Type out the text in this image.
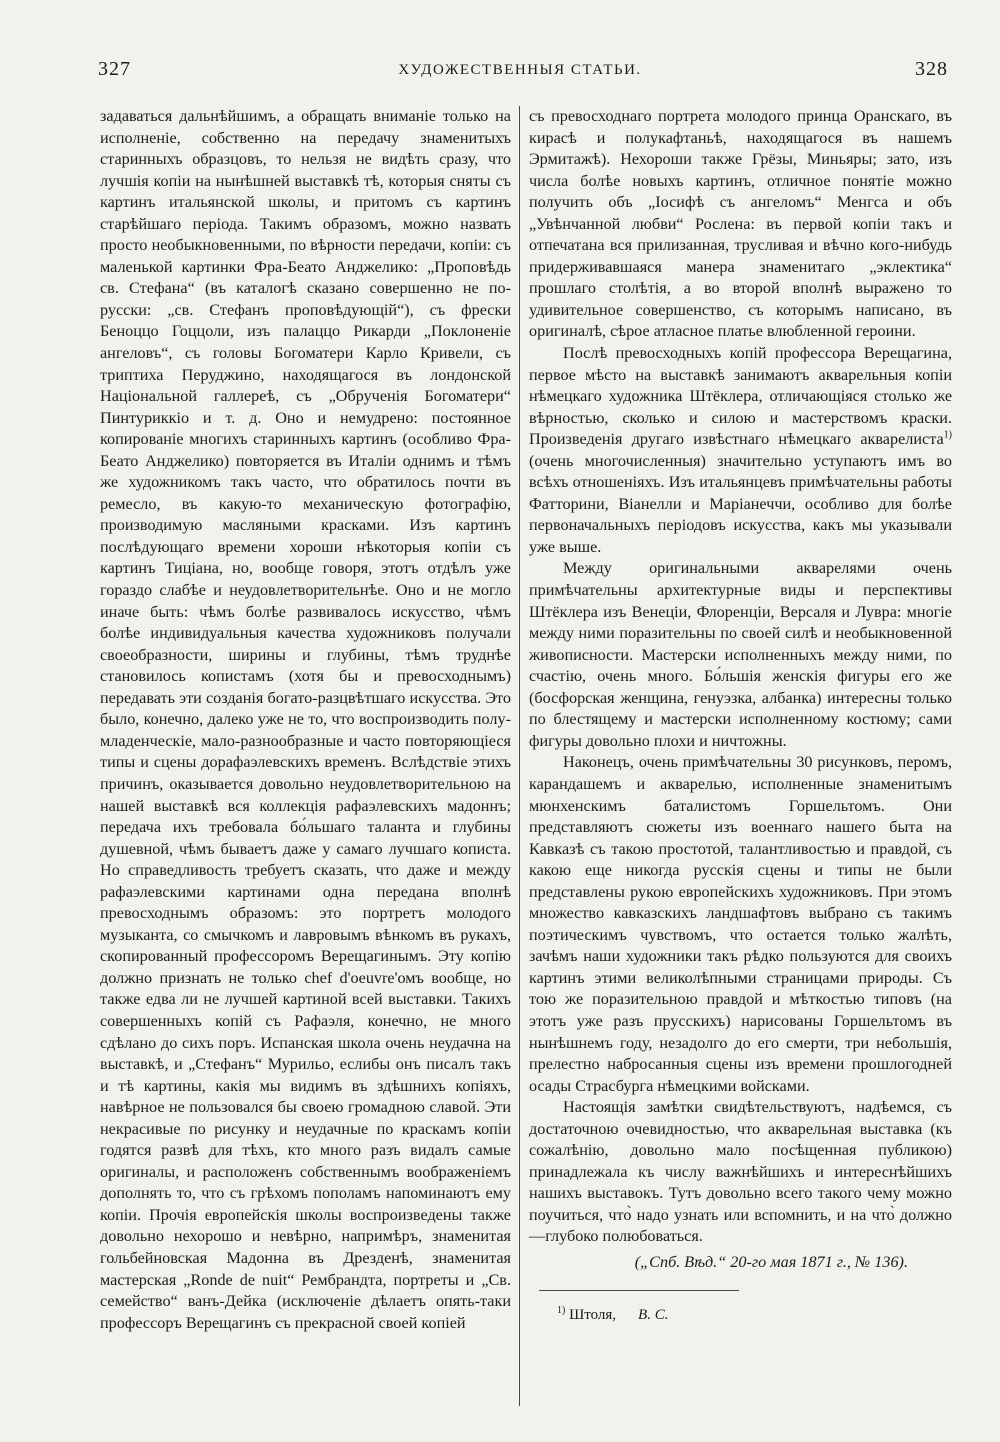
327	ХУДОЖЕСТВЕННЫЯ СТАТЬИ.	328

задаваться дальнѣйшимъ, а обращать вниманіе только на исполненіе, собственно на передачу знаменитыхъ старинныхъ образцовъ, то нельзя не видѣть сразу, что лучшія копіи на нынѣшней выставкѣ тѣ, которыя сняты съ картинъ итальянской школы, и притомъ съ картинъ старѣйшаго періода. Такимъ образомъ, можно назвать просто необыкновенными, по вѣрности передачи, копіи: съ маленькой картинки Фра-Беато Анджелико: „Проповѣдь св. Стефана“ (въ каталогѣ сказано совершенно не по-русски: „св. Стефанъ проповѣдующій“), съ фрески Беноццо Гоццоли, изъ палаццо Рикарди „Поклоненіе ангеловъ“, съ головы Богоматери Карло Кривели, съ триптиха Перуджино, находящагося въ лондонской Національной галлереѣ, съ „Обрученія Богоматери“ Пинтуриккіо и т. д. Оно и немудрено: постоянное копированіе многихъ старинныхъ картинъ (особливо Фра-Беато Анджелико) повторяется въ Италіи однимъ и тѣмъ же художникомъ такъ часто, что обратилось почти въ ремесло, въ какую-то механическую фотографію, производимую масляными красками. Изъ картинъ послѣдующаго времени хороши нѣкоторыя копіи съ картинъ Тиціана, но, вообще говоря, этотъ отдѣлъ уже гораздо слабѣе и неудовлетворительнѣе. Оно и не могло иначе быть: чѣмъ болѣе развивалось искусство, чѣмъ болѣе индивидуальныя качества художниковъ получали своеобразности, ширины и глубины, тѣмъ труднѣе становилось копистамъ (хотя бы и превосходнымъ) передавать эти созданія богато-разцвѣтшаго искусства. Это было, конечно, далеко уже не то, что воспроизводить полу-младенческіе, мало-разнообразные и часто повторяющіеся типы и сцены дорафаэлевскихъ временъ. Вслѣдствіе этихъ причинъ, оказывается довольно неудовлетворительною на нашей выставкѣ вся коллекція рафаэлевскихъ мадоннъ; передача ихъ требовала бо́льшаго таланта и глубины душевной, чѣмъ бываетъ даже у самаго лучшаго кописта. Но справедливость требуетъ сказать, что даже и между рафаэлевскими картинами одна передана вполнѣ превосходнымъ образомъ: это портретъ молодого музыканта, со смычкомъ и лавровымъ вѣнкомъ въ рукахъ, скопированный профессоромъ Верещагинымъ. Эту копію должно признать не только chef d'oeuvre'омъ вообще, но также едва ли не лучшей картиной всей выставки. Такихъ совершенныхъ копій съ Рафаэля, конечно, не много сдѣлано до сихъ поръ. Испанская школа очень неудачна на выставкѣ, и „Стефанъ“ Мурильо, еслибы онъ писалъ такъ и тѣ картины, какія мы видимъ въ здѣшнихъ копіяхъ, навѣрное не пользовался бы своею громадною славой. Эти некрасивые по рисунку и неудачные по краскамъ копіи годятся развѣ для тѣхъ, кто много разъ видалъ самые оригиналы, и расположенъ собственнымъ воображеніемъ дополнять то, что съ грѣхомъ пополамъ напоминаютъ ему копіи. Прочія европейскія школы воспроизведены также довольно нехорошо и невѣрно, напримѣръ, знаменитая гольбейновская Мадонна въ Дрезденѣ, знаменитая мастерская „Ronde de nuit“ Рембрандта, портреты и „Св. семейство“ ванъ-Дейка (исключеніе дѣлаетъ опять-таки профессоръ Верещагинъ съ прекрасной своей копіей

съ превосходнаго портрета молодого принца Оранскаго, въ кирасѣ и полукафтаньѣ, находящагося въ нашемъ Эрмитажѣ). Нехороши также Грёзы, Миньяры; зато, изъ числа болѣе новыхъ картинъ, отличное понятіе можно получить объ „Іосифѣ съ ангеломъ“ Менгса и объ „Увѣнчанной любви“ Рослена: въ первой копіи такъ и отпечатана вся прилизанная, трусливая и вѣчно кого-нибудь придерживавшаяся манера знаменитаго „эклектика“ прошлаго столѣтія, а во второй вполнѣ выражено то удивительное совершенство, съ которымъ написано, въ оригиналѣ, сѣрое атласное платье влюбленной героини.

Послѣ превосходныхъ копій профессора Верещагина, первое мѣсто на выставкѣ занимаютъ акварельныя копіи нѣмецкаго художника Штёклера, отличающіяся столько же вѣрностью, сколько и силою и мастерствомъ краски. Произведенія другаго извѣстнаго нѣмецкаго акварелиста$^{1)}$ (очень многочисленныя) значительно уступаютъ имъ во всѣхъ отношеніяхъ. Изъ итальянцевъ примѣчательны работы Фатторини, Віанелли и Маріанеччи, особливо для болѣе первоначальныхъ періодовъ искусства, какъ мы указывали уже выше.

Между оригинальными акварелями очень примѣчательны архитектурные виды и перспективы Штёклера изъ Венеціи, Флоренціи, Версаля и Лувра: многіе между ними поразительны по своей силѣ и необыкновенной живописности. Мастерски исполненныхъ между ними, по счастію, очень много. Бо́льшія женскія фигуры его же (босфорская женщина, генуэзка, албанка) интересны только по блестящему и мастерски исполненному костюму; сами фигуры довольно плохи и ничтожны.

Наконецъ, очень примѣчательны 30 рисунковъ, перомъ, карандашемъ и акварелью, исполненные знаменитымъ мюнхенскимъ баталистомъ Горшельтомъ. Они представляютъ сюжеты изъ военнаго нашего быта на Кавказѣ съ такою простотой, талантливостью и правдой, съ какою еще никогда русскія сцены и типы не были представлены рукою европейскихъ художниковъ. При этомъ множество кавказскихъ ландшафтовъ выбрано съ такимъ поэтическимъ чувствомъ, что остается только жалѣть, зачѣмъ наши художники такъ рѣдко пользуются для своихъ картинъ этими великолѣпными страницами природы. Съ тою же поразительною правдой и мѣткостью типовъ (на этотъ уже разъ прусскихъ) нарисованы Горшельтомъ въ нынѣшнемъ году, незадолго до его смерти, три небольшія, прелестно набросанныя сцены изъ времени прошлогодней осады Страсбурга нѣмецкими войсками.

Настоящія замѣтки свидѣтельствуютъ, надѣемся, съ достаточною очевидностью, что акварельная выставка (къ сожалѣнію, довольно мало посѣщенная публикою) принадлежала къ числу важнѣйшихъ и интереснѣйшихъ нашихъ выставокъ. Тутъ довольно всего такого чему можно поучиться, что̀ надо узнать или вспомнить, и на что̀ должно—глубоко полюбоваться.

(„Спб. Вѣд.“ 20-го мая 1871 г., № 136).

$^{1)}$ Штоля, В. С.
